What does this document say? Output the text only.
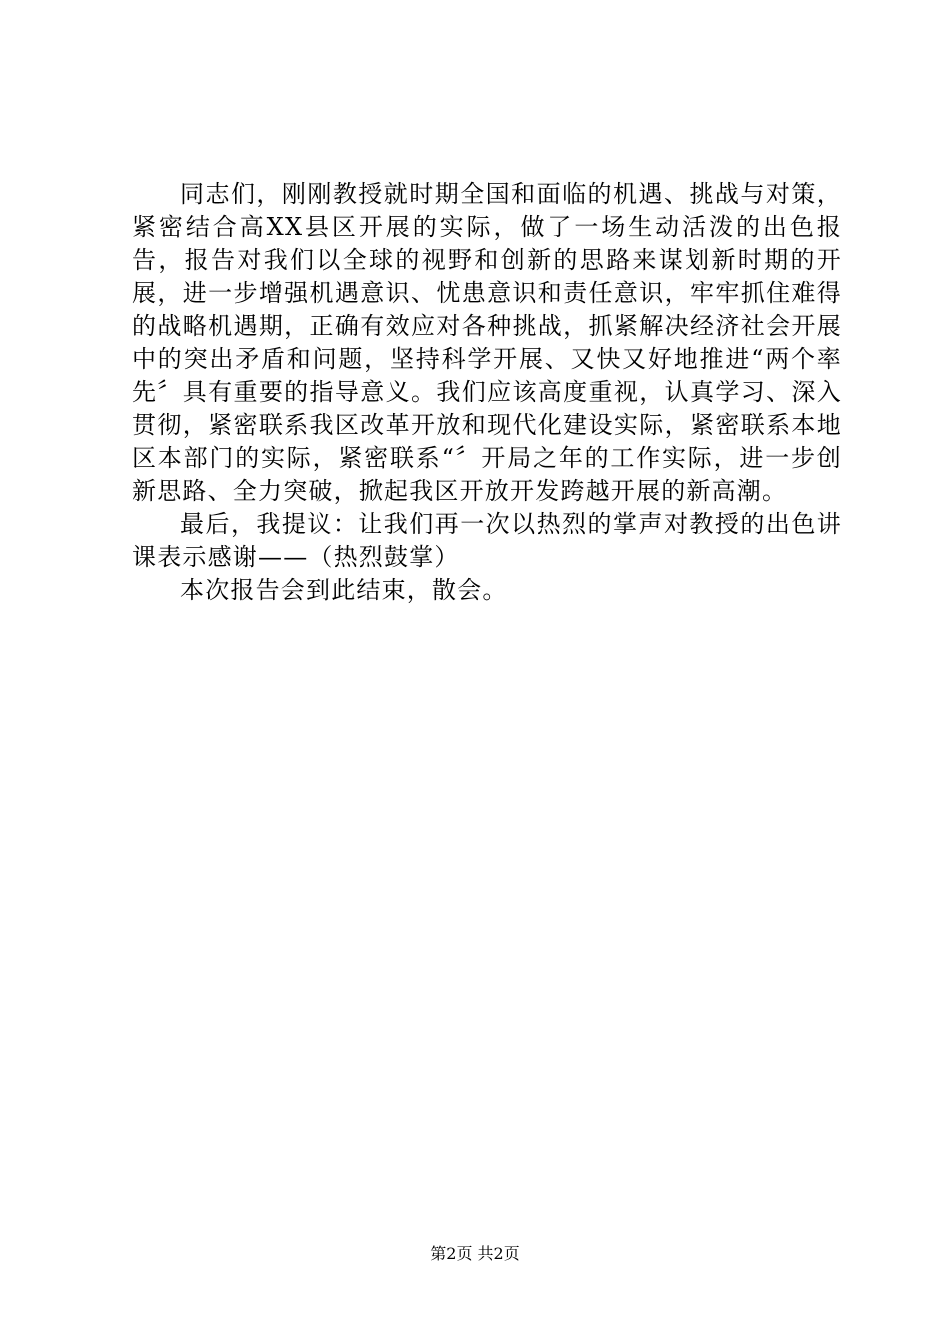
同志们，刚刚教授就时期全国和面临的机遇、挑战与对策，紧密结合高XX县区开展的实际，做了一场生动活泼的出色报告，报告对我们以全球的视野和创新的思路来谋划新时期的开展，进一步增强机遇意识、忧患意识和责任意识，牢牢抓住难得的战略机遇期，正确有效应对各种挑战，抓紧解决经济社会开展中的突出矛盾和问题，坚持科学开展、又快又好地推进“两个率先〞具有重要的指导意义。我们应该高度重视，认真学习、深入贯彻，紧密联系我区改革开放和现代化建设实际，紧密联系本地区本部门的实际，紧密联系“〞开局之年的工作实际，进一步创新思路、全力突破，掀起我区开放开发跨越开展的新高潮。

最后，我提议：让我们再一次以热烈的掌声对教授的出色讲课表示感谢——（热烈鼓掌）

本次报告会到此结束，散会。

第2页 共2页
